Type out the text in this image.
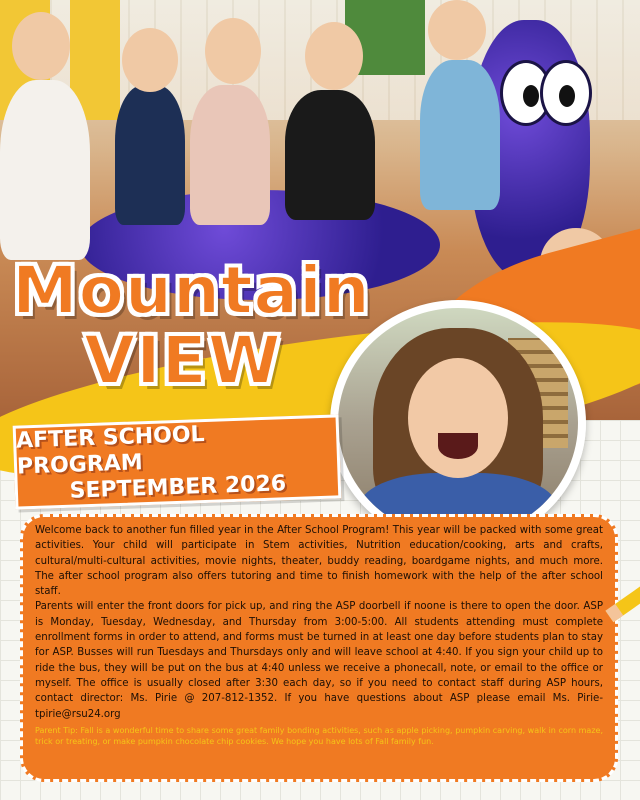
Mountain
VIEW
AFTER SCHOOL PROGRAM
SEPTEMBER 2026

Welcome back to another fun filled year in the After School Program! This year will be packed with some great activities. Your child will participate in Stem activities, Nutrition education/cooking, arts and crafts, cultural/multi-cultural activities, movie nights, theater, buddy reading, boardgame nights, and much more. The after school program also offers tutoring and time to finish homework with the help of the after school staff.

Parents will enter the front doors for pick up, and ring the ASP doorbell if noone is there to open the door. ASP is Monday, Tuesday, Wednesday, and Thursday from 3:00-5:00. All students attending must complete enrollment forms in order to attend, and forms must be turned in at least one day before students plan to stay for ASP. Busses will run Tuesdays and Thursdays only and will leave school at 4:40. If you sign your child up to ride the bus, they will be put on the bus at 4:40 unless we receive a phonecall, note, or email to the office or myself. The office is usually closed after 3:30 each day, so if you need to contact staff during ASP hours, contact director: Ms. Pirie @ 207-812-1352. If you have questions about ASP please email Ms. Pirie-tpirie@rsu24.org

Parent Tip: Fall is a wonderful time to share some great family bonding activities, such as apple picking, pumpkin carving, walk in corn maze, trick or treating, or make pumpkin chocolate chip cookies. We hope you have lots of Fall family fun.
